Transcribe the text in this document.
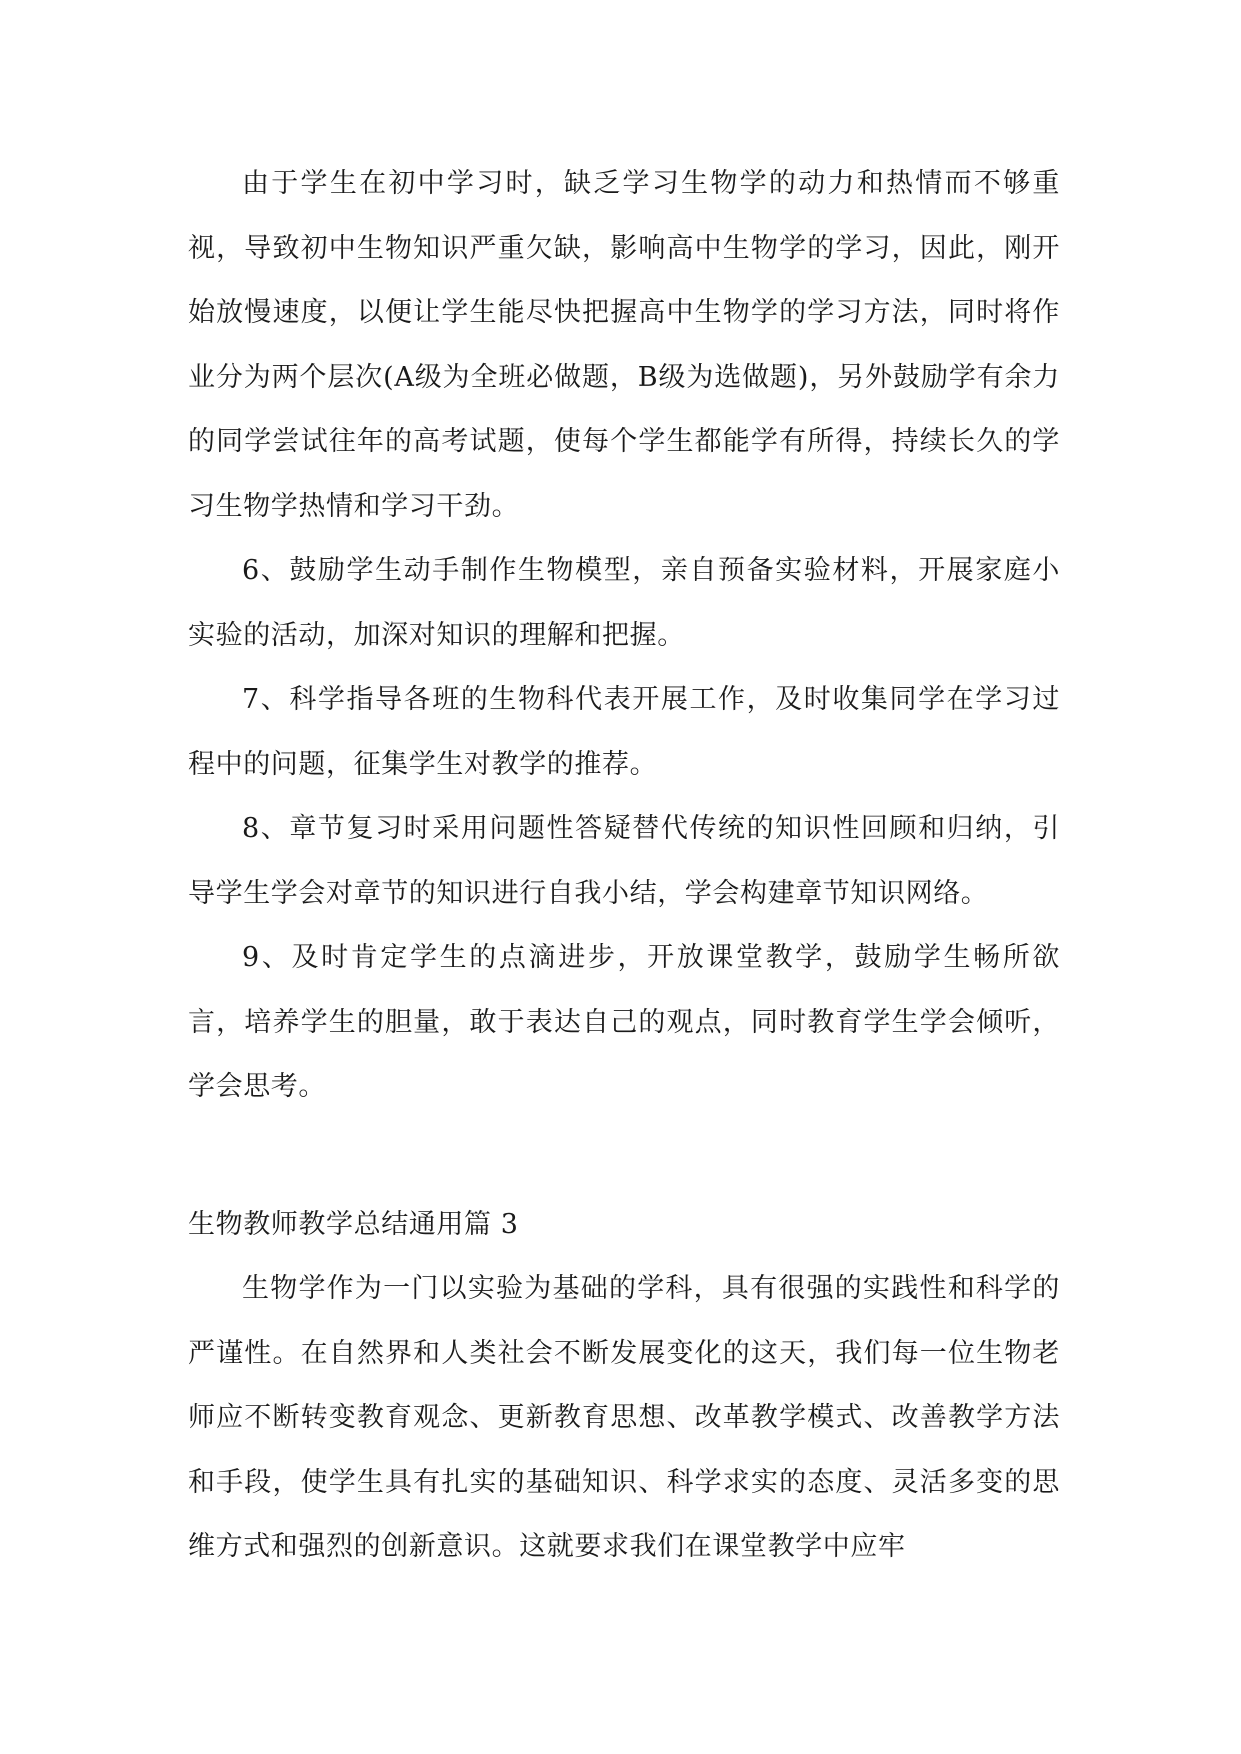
由于学生在初中学习时，缺乏学习生物学的动力和热情而不够重视，导致初中生物知识严重欠缺，影响高中生物学的学习，因此，刚开始放慢速度，以便让学生能尽快把握高中生物学的学习方法，同时将作业分为两个层次(A级为全班必做题，B级为选做题)，另外鼓励学有余力的同学尝试往年的高考试题，使每个学生都能学有所得，持续长久的学习生物学热情和学习干劲。

6、鼓励学生动手制作生物模型，亲自预备实验材料，开展家庭小实验的活动，加深对知识的理解和把握。

7、科学指导各班的生物科代表开展工作，及时收集同学在学习过程中的问题，征集学生对教学的推荐。

8、章节复习时采用问题性答疑替代传统的知识性回顾和归纳，引导学生学会对章节的知识进行自我小结，学会构建章节知识网络。

9、及时肯定学生的点滴进步，开放课堂教学，鼓励学生畅所欲言，培养学生的胆量，敢于表达自己的观点，同时教育学生学会倾听，学会思考。

生物教师教学总结通用篇 3

生物学作为一门以实验为基础的学科，具有很强的实践性和科学的严谨性。在自然界和人类社会不断发展变化的这天，我们每一位生物老师应不断转变教育观念、更新教育思想、改革教学模式、改善教学方法和手段，使学生具有扎实的基础知识、科学求实的态度、灵活多变的思维方式和强烈的创新意识。这就要求我们在课堂教学中应牢
